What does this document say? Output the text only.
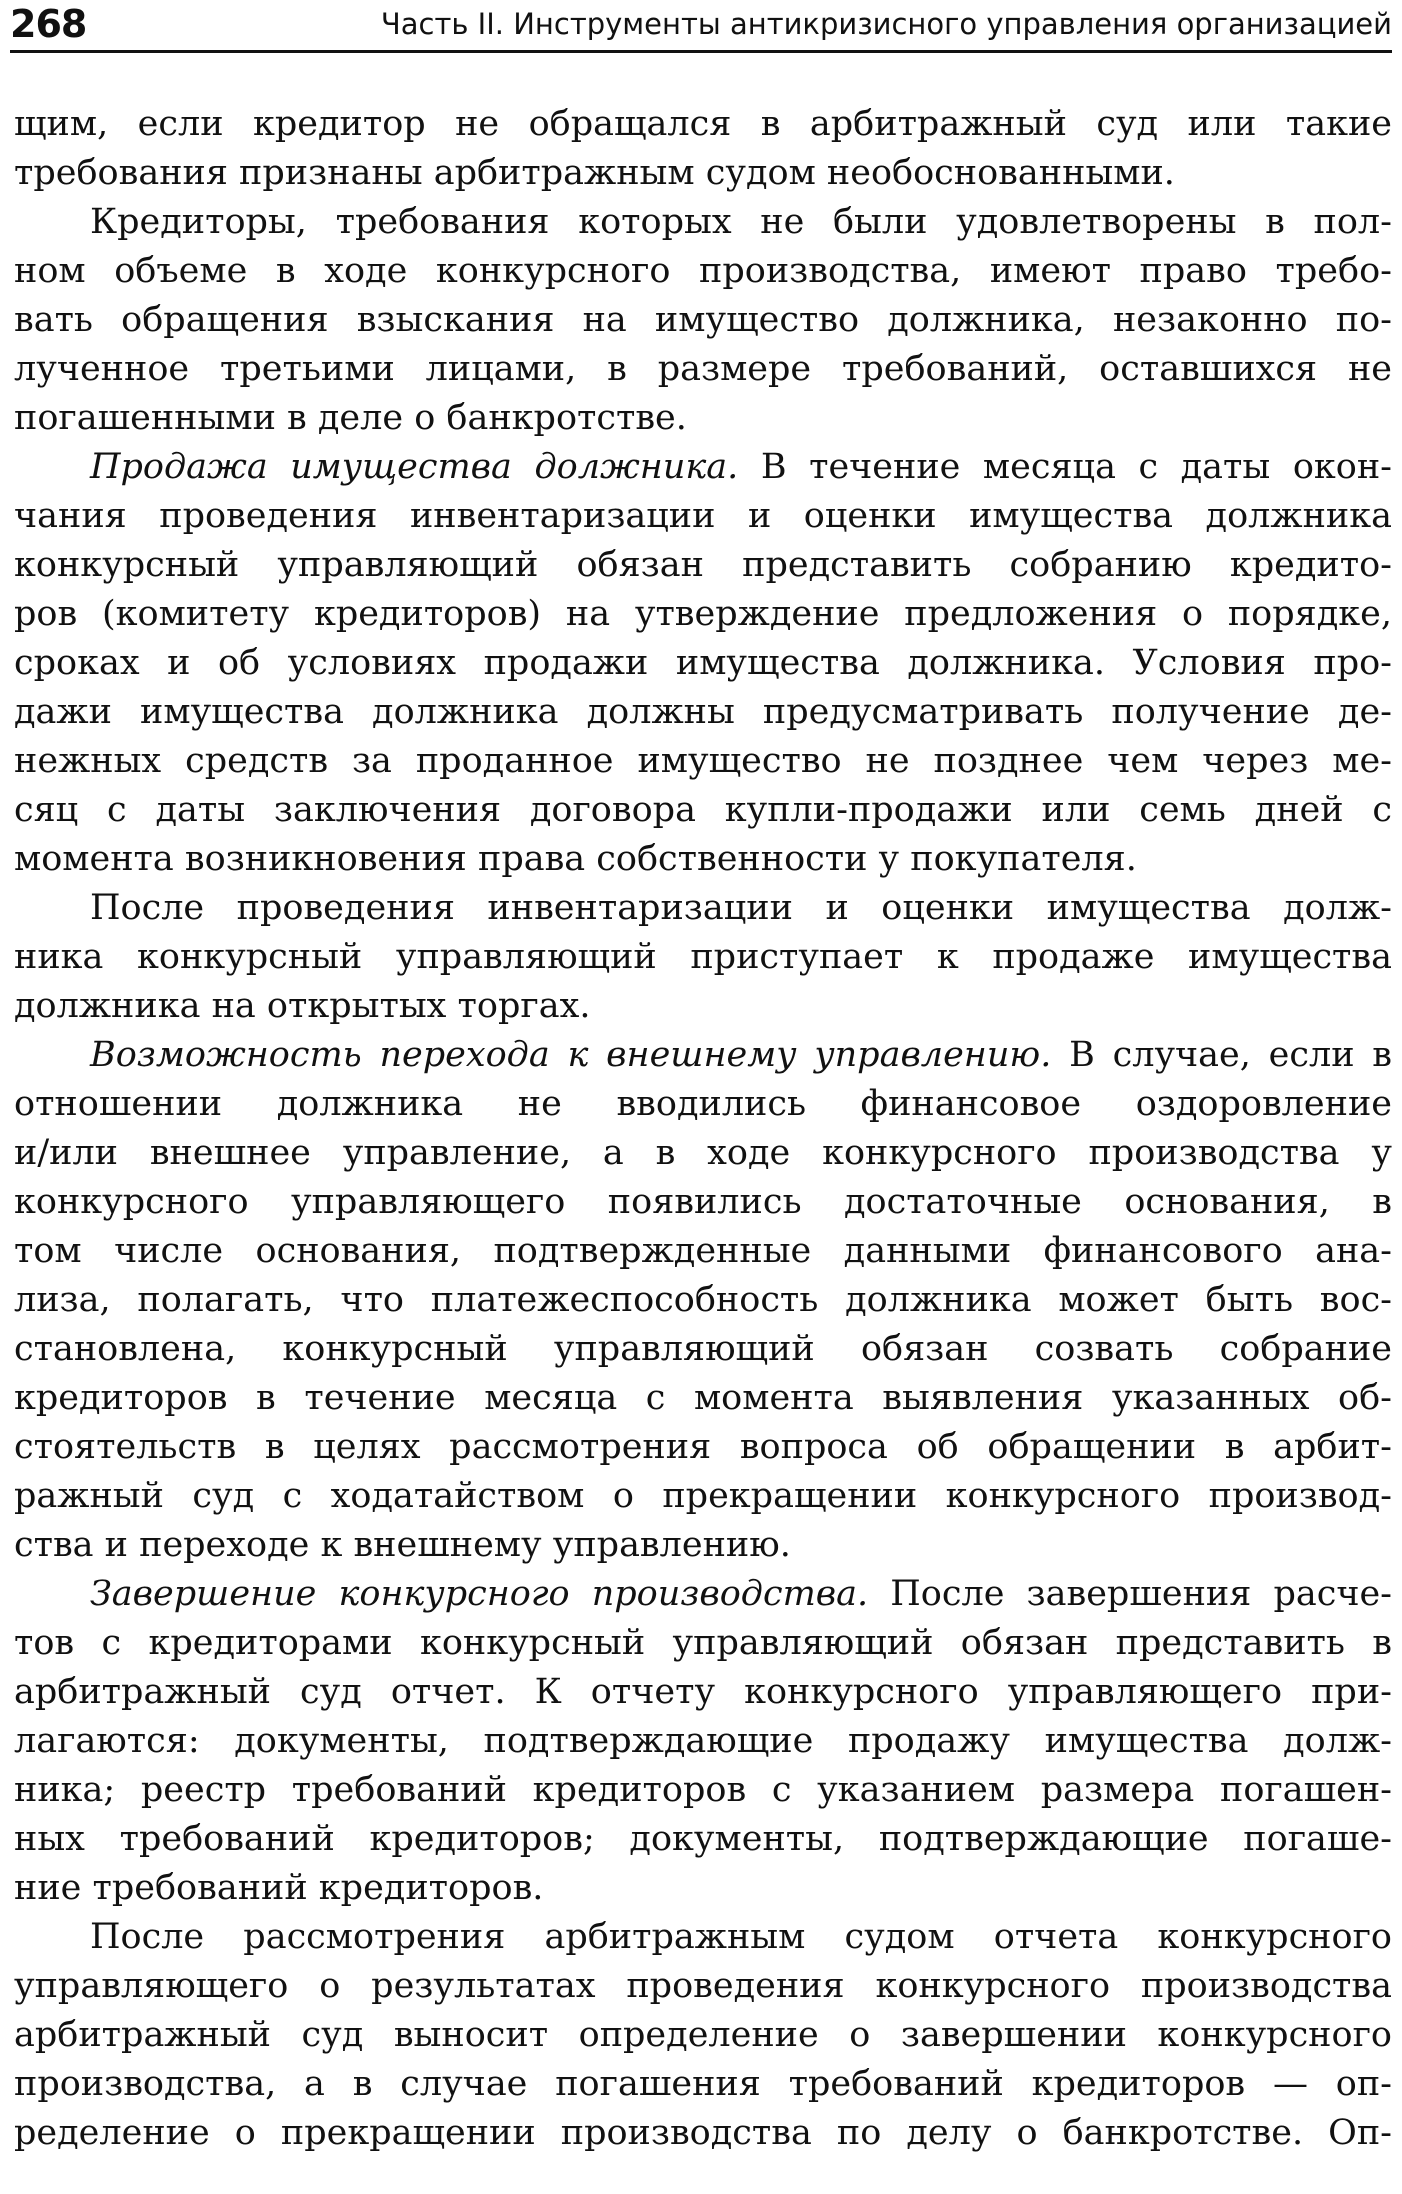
268	Часть II. Инструменты антикризисного управления организацией
щим, если кредитор не обращался в арбитражный суд или такие
требования признаны арбитражным судом необоснованными.
Кредиторы, требования которых не были удовлетворены в пол-
ном объеме в ходе конкурсного производства, имеют право требо-
вать обращения взыскания на имущество должника, незаконно по-
лученное третьими лицами, в размере требований, оставшихся не
погашенными в деле о банкротстве.
Продажа имущества должника. В течение месяца с даты окон-
чания проведения инвентаризации и оценки имущества должника
конкурсный управляющий обязан представить собранию кредито-
ров (комитету кредиторов) на утверждение предложения о порядке,
сроках и об условиях продажи имущества должника. Условия про-
дажи имущества должника должны предусматривать получение де-
нежных средств за проданное имущество не позднее чем через ме-
сяц с даты заключения договора купли-продажи или семь дней с
момента возникновения права собственности у покупателя.
После проведения инвентаризации и оценки имущества долж-
ника конкурсный управляющий приступает к продаже имущества
должника на открытых торгах.
Возможность перехода к внешнему управлению. В случае, если в
отношении должника не вводились финансовое оздоровление
и/или внешнее управление, а в ходе конкурсного производства у
конкурсного управляющего появились достаточные основания, в
том числе основания, подтвержденные данными финансового ана-
лиза, полагать, что платежеспособность должника может быть вос-
становлена, конкурсный управляющий обязан созвать собрание
кредиторов в течение месяца с момента выявления указанных об-
стоятельств в целях рассмотрения вопроса об обращении в арбит-
ражный суд с ходатайством о прекращении конкурсного производ-
ства и переходе к внешнему управлению.
Завершение конкурсного производства. После завершения расче-
тов с кредиторами конкурсный управляющий обязан представить в
арбитражный суд отчет. К отчету конкурсного управляющего при-
лагаются: документы, подтверждающие продажу имущества долж-
ника; реестр требований кредиторов с указанием размера погашен-
ных требований кредиторов; документы, подтверждающие погаше-
ние требований кредиторов.
После рассмотрения арбитражным судом отчета конкурсного
управляющего о результатах проведения конкурсного производства
арбитражный суд выносит определение о завершении конкурсного
производства, а в случае погашения требований кредиторов — оп-
ределение о прекращении производства по делу о банкротстве. Оп-
